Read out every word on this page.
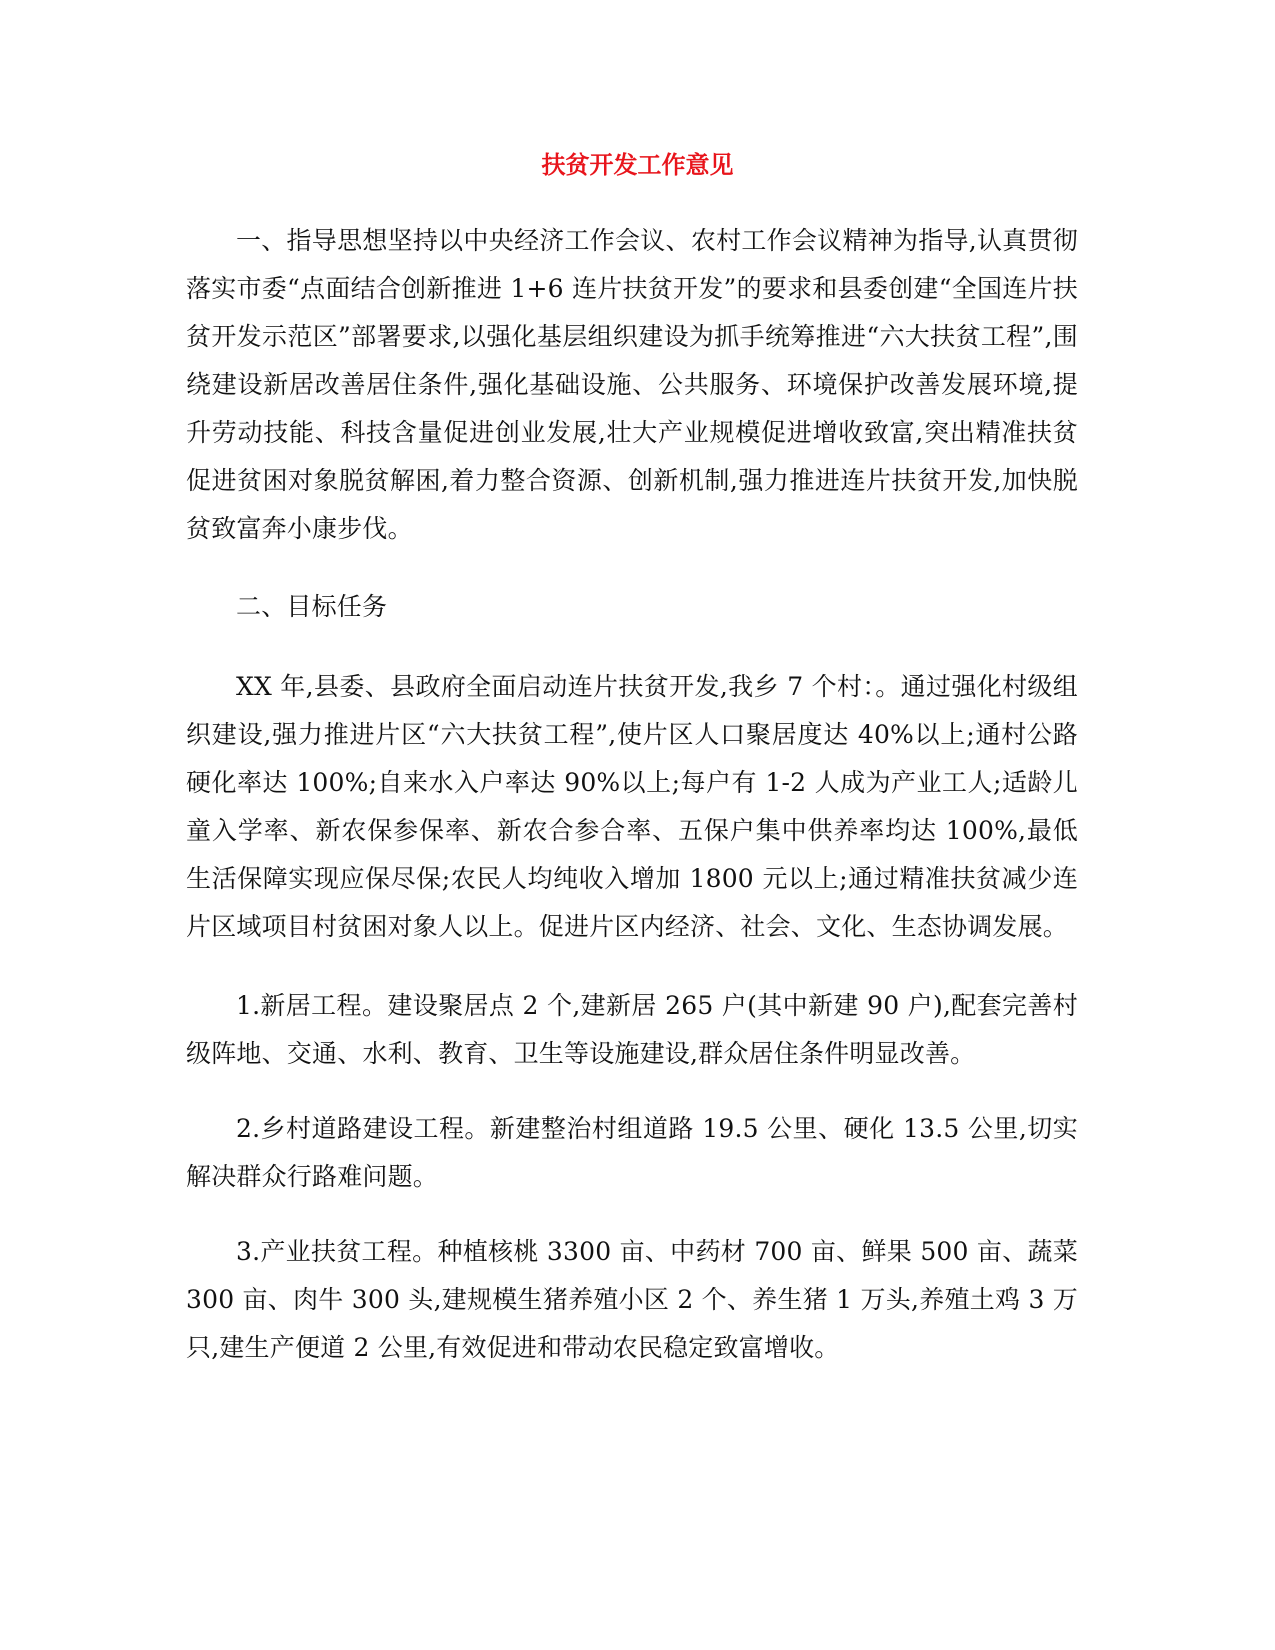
扶贫开发工作意见

一、指导思想坚持以中央经济工作会议、农村工作会议精神为指导,认真贯彻落实市委“点面结合创新推进 1+6 连片扶贫开发”的要求和县委创建“全国连片扶贫开发示范区”部署要求,以强化基层组织建设为抓手统筹推进“六大扶贫工程”,围绕建设新居改善居住条件,强化基础设施、公共服务、环境保护改善发展环境,提升劳动技能、科技含量促进创业发展,壮大产业规模促进增收致富,突出精准扶贫促进贫困对象脱贫解困,着力整合资源、创新机制,强力推进连片扶贫开发,加快脱贫致富奔小康步伐。

二、目标任务

XX 年,县委、县政府全面启动连片扶贫开发,我乡 7 个村：。通过强化村级组织建设,强力推进片区“六大扶贫工程”,使片区人口聚居度达 40%以上;通村公路硬化率达 100%;自来水入户率达 90%以上;每户有 1-2 人成为产业工人;适龄儿童入学率、新农保参保率、新农合参合率、五保户集中供养率均达 100%,最低生活保障实现应保尽保;农民人均纯收入增加 1800 元以上;通过精准扶贫减少连片区域项目村贫困对象人以上。促进片区内经济、社会、文化、生态协调发展。

1.新居工程。建设聚居点 2 个,建新居 265 户(其中新建 90 户),配套完善村级阵地、交通、水利、教育、卫生等设施建设,群众居住条件明显改善。

2.乡村道路建设工程。新建整治村组道路 19.5 公里、硬化 13.5 公里,切实解决群众行路难问题。

3.产业扶贫工程。种植核桃 3300 亩、中药材 700 亩、鲜果 500 亩、蔬菜 300 亩、肉牛 300 头,建规模生猪养殖小区 2 个、养生猪 1 万头,养殖土鸡 3 万只,建生产便道 2 公里,有效促进和带动农民稳定致富增收。
